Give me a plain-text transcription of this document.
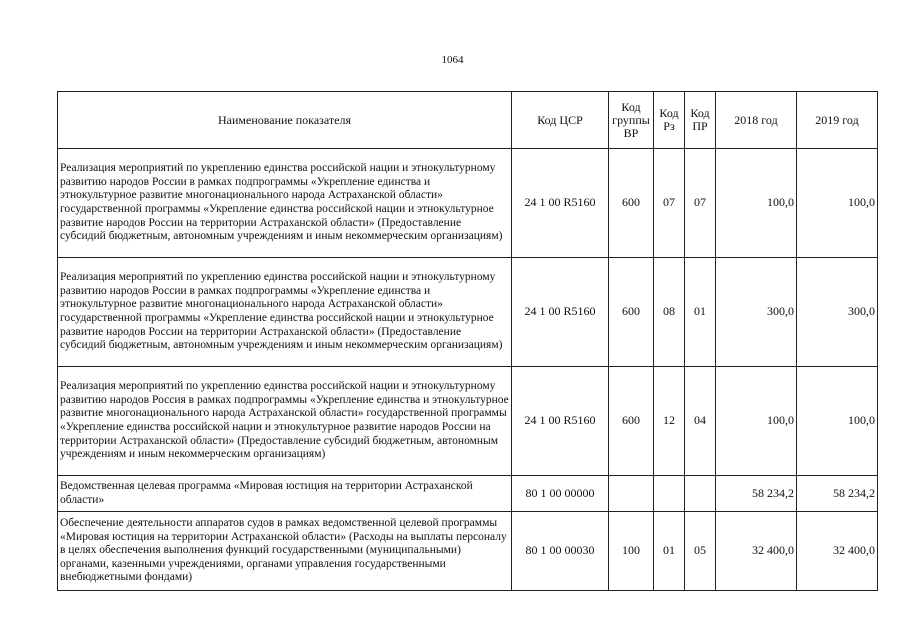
1064
Наименование показателя	Код ЦСР	Код группы ВР	Код Рз	Код ПР	2018 год	2019 год
Реализация мероприятий по укреплению единства российской нации и этнокультурному развитию народов России в рамках подпрограммы «Укрепление единства и этнокультурное развитие многонационального народа Астраханской области» государственной программы «Укрепление единства российской нации и этнокультурное развитие народов России на территории Астраханской области» (Предоставление субсидий бюджетным, автономным учреждениям и иным некоммерческим организациям)	24 1 00 R5160	600	07	07	100,0	100,0
Реализация мероприятий по укреплению единства российской нации и этнокультурному развитию народов России в рамках подпрограммы «Укрепление единства и этнокультурное развитие многонационального народа Астраханской области» государственной программы «Укрепление единства российской нации и этнокультурное развитие народов России на территории Астраханской области» (Предоставление субсидий бюджетным, автономным учреждениям и иным некоммерческим организациям)	24 1 00 R5160	600	08	01	300,0	300,0
Реализация мероприятий по укреплению единства российской нации и этнокультурному развитию народов Россия в рамках подпрограммы «Укрепление единства и этнокультурное развитие многонационального народа Астраханской области» государственной программы «Укрепление единства российской нации и этнокультурное развитие народов России на территории Астраханской области» (Предоставление субсидий бюджетным, автономным учреждениям и иным некоммерческим организациям)	24 1 00 R5160	600	12	04	100,0	100,0
Ведомственная целевая программа «Мировая юстиция на территории Астраханской области»	80 1 00 00000				58 234,2	58 234,2
Обеспечение деятельности аппаратов судов в рамках ведомственной целевой программы «Мировая юстиция на территории Астраханской области» (Расходы на выплаты персоналу в целях обеспечения выполнения функций государственными (муниципальными) органами, казенными учреждениями, органами управления государственными внебюджетными фондами)	80 1 00 00030	100	01	05	32 400,0	32 400,0
